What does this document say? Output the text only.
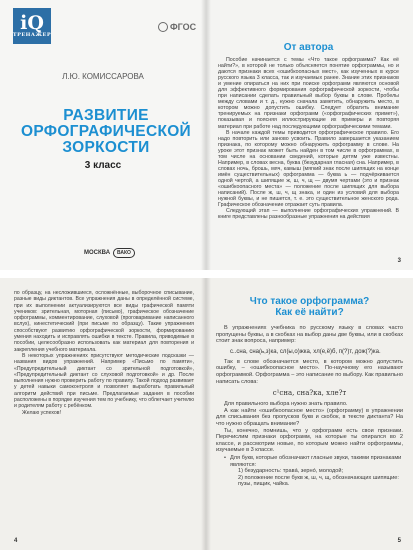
iQ
ТРЕНАЖЕР
ФГОС
Л.Ю. КОМИССАРОВА
РАЗВИТИЕ
ОРФОГРАФИЧЕСКОЙ
ЗОРКОСТИ
3 класс
МОСКВА	ВАКО
От автора

Пособие начинается с темы «Что такое орфограмма? Как её найти?», в которой не только объясняется понятие орфограммы, но и даются признаки всех «ошибкоопасных мест», как изученных в курсе русского языка 3 класса, так и изучаемых ранее. Знание этих признаков и умение опираться на них при поиске орфограмм являются основой для эффективного формирования орфографической зоркости, чтобы при написании сделать правильный выбор буквы в слове. Пробелы между словами и т. д., нужно сначала заметить, обнаружить место, в котором можно допустить ошибку. Следует обратить внимание тренируемых на признаки орфограмм («орфографических примет»), показывая и поясняя иллюстрирующие их примеры и повторяя материал при работе над последующими орфографическими темами.

В начале каждой темы приводится орфографическое правило. Его надо повторить или заново усвоить. Правило завершается указанием признака, по которому можно обнаружить орфограмму в слове. На уроке этот признак может быть найден в том числе в орфограммах, в том числе на основании сведений, которые детям уже известны. Например, в словах весна, буква (безударная гласная) сна. Например, в словах ночь, брошь, мяч, камыш (мягкий знак после шипящих на конце имён существительных) орфограмма — буква ь — подчёркивается одной чертой, а шипящие ж, ш, ч, щ — двумя чертами (это и признак «ошибкоопасного места» — положение после шипящих для выбора написаний). После ж, ш, ч, щ знака, и один из условий для выбора нужной буквы, и не пишется, т. е. это существительное женского рода. Графическое обозначение отражает суть правила.

Следующий этап — выполнение орфографических упражнений. В книге представлены разнообразные упражнения на действия

3

по образцу, на несложившиеся, осложнённые, выборочное списывание, разные виды диктантов. Все упражнения даны в определённой системе, при их выполнении актуализируются все виды графической памяти учеников: зрительная, моторная (письмо), графическое обозначение орфограммы, комментирование, слуховой (проговаривание написанного вслух), кинестетический (при письме по образцу). Такие упражнения способствуют развитию орфографической зоркости, формированию умения находить и исправлять ошибки в тексте. Правила, приводимые в пособии, целесообразно использовать как материал для повторения и закрепления учебного материала.

В некоторых упражнениях присутствуют методические подсказки — названия видов упражнений. Например «Письмо по памяти», «Предупредительный диктант со зрительной подготовкой», «Предупредительный диктант со слуховой подготовкой» и др. После выполнения нужно проверить работу по правилу. Такой подход развивает у детей навыки самоконтроля и позволяет выработать правильный алгоритм действий при письме. Предлагаемые задания в пособии расположены в порядке изучения тем по учебнику, что облегчает учителю и родителям работу с ребёнком.

Желаю успехов!

4
Что такое орфограмма?
Как её найти?

В упражнениях учебника по русскому языку в словах часто пропущены буквы, а в скобках на выбор даны две буквы, или в скобках стоит знак вопроса, например:

с..сна, сна(ь,з)ка, сл(ы,о)жка, хл(е,ё)б, п(?)т, дож(?)ка.

Так в слове обозначается место, в котором можно допустить ошибку, – «ошибкоопасное место». По-научному его называют орфограммой. Орфограмма – это написание по выбору. Как правильно написать слова:

с¹сна, сна?ка, хле?т

Для правильного выбора нужно знать правило.

А как найти «ошибкоопасное место» (орфограмму) в упражнении для списывания без пропусков букв и скобок, в тексте диктанта? На что нужно обращать внимание?

Ты, конечно, помнишь, что у орфограмм есть свои признаки. Перечислим признаки орфограмм, на которые ты опирался во 2 классе, и рассмотрим новые, по которым можно найти орфограммы, изучаемые в 3 классе.

• Для букв, которые обозначают гласные звуки, такими признаками являются:
1) безударность: травá, зерно́, молодой;
2) положение после букв ж, ш, ч, щ, обозначающих шипящие: пузы, пищик, чайка.
5
